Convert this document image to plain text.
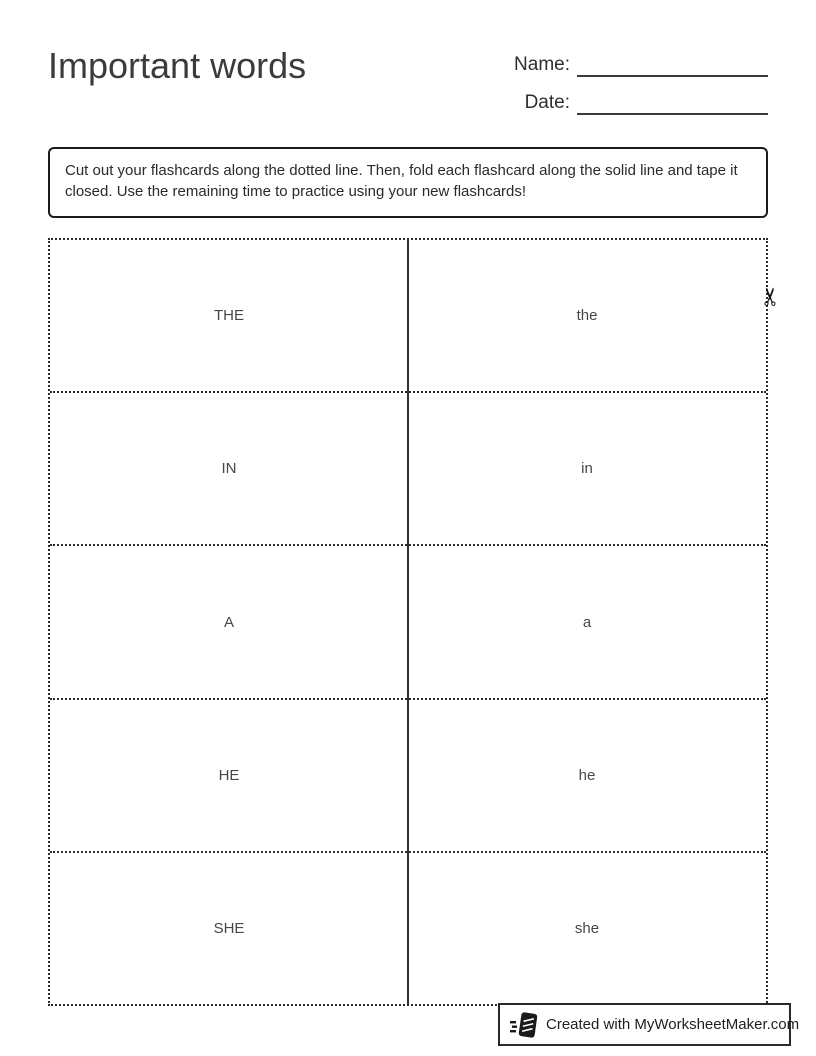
Important words	Name:
Date:
Cut out your flashcards along the dotted line. Then, fold each flashcard along the solid line and tape it closed. Use the remaining time to practice using your new flashcards!
✂
THE	the
IN	in
A	a
HE	he
SHE	she
Created with MyWorksheetMaker.com
